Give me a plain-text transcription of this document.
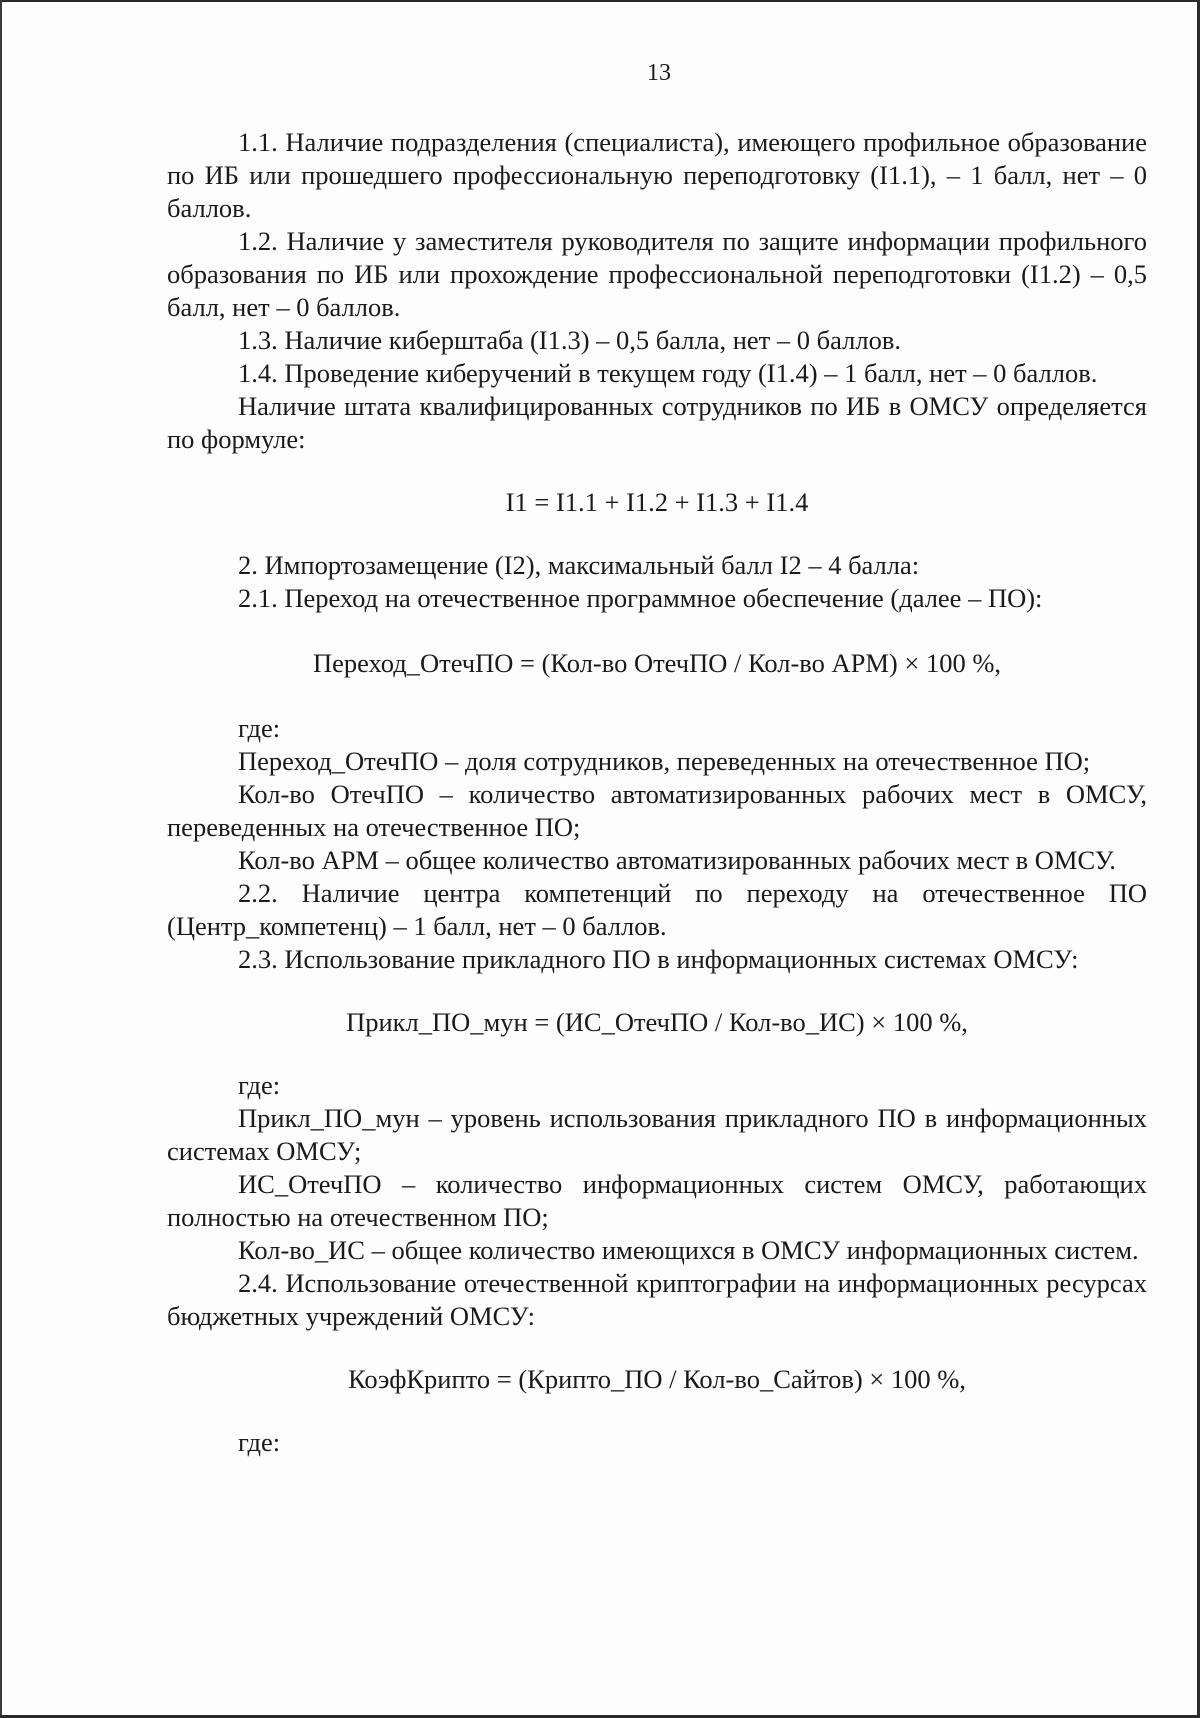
13

1.1. Наличие подразделения (специалиста), имеющего профильное образование по ИБ или прошедшего профессиональную переподготовку (I1.1), – 1 балл, нет – 0 баллов.

1.2. Наличие у заместителя руководителя по защите информации профильного образования по ИБ или прохождение профессиональной переподготовки (I1.2) – 0,5 балл, нет – 0 баллов.

1.3. Наличие киберштаба (I1.3) – 0,5 балла, нет – 0 баллов.

1.4. Проведение киберучений в текущем году (I1.4) – 1 балл, нет – 0 баллов.

Наличие штата квалифицированных сотрудников по ИБ в ОМСУ определяется по формуле:

I1 = I1.1 + I1.2 + I1.3 + I1.4

2. Импортозамещение (I2), максимальный балл I2 – 4 балла:

2.1. Переход на отечественное программное обеспечение (далее – ПО):

Переход_ОтечПО = (Кол-во ОтечПО / Кол-во АРМ) × 100 %,

где:

Переход_ОтечПО – доля сотрудников, переведенных на отечественное ПО;

Кол-во ОтечПО – количество автоматизированных рабочих мест в ОМСУ, переведенных на отечественное ПО;

Кол-во АРМ – общее количество автоматизированных рабочих мест в ОМСУ.

2.2. Наличие центра компетенций по переходу на отечественное ПО (Центр_компетенц) – 1 балл, нет – 0 баллов.

2.3. Использование прикладного ПО в информационных системах ОМСУ:

Прикл_ПО_мун = (ИС_ОтечПО / Кол-во_ИС) × 100 %,

где:

Прикл_ПО_мун – уровень использования прикладного ПО в информационных системах ОМСУ;

ИС_ОтечПО – количество информационных систем ОМСУ, работающих полностью на отечественном ПО;

Кол-во_ИС – общее количество имеющихся в ОМСУ информационных систем.

2.4. Использование отечественной криптографии на информационных ресурсах бюджетных учреждений ОМСУ:

КоэфКрипто = (Крипто_ПО / Кол-во_Сайтов) × 100 %,

где:
